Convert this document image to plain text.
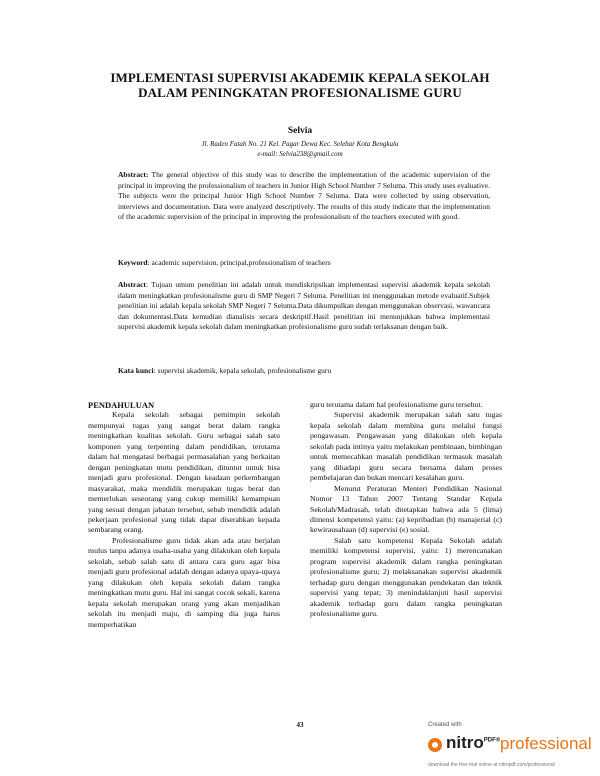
IMPLEMENTASI SUPERVISI AKADEMIK KEPALA SEKOLAH
DALAM PENINGKATAN PROFESIONALISME GURU
Selvia
Jl. Raden Fatah No. 21 Kel. Pagar Dewa Kec. Selebar Kota Bengkulu
e-mail: Selvia238@gmail.com
Abstract: The general objective of this study was to describe the implementation of the academic supervision of the principal in improving the professionalism of teachers in Junior High School Number 7 Seluma. This study uses evaluative. The subjects were the principal Junior High School Number 7 Seluma. Data were collected by using observation, interviews and documentation. Data were analyzed descriptively. The results of this study indicate that the implementation of the academic supervision of the principal in improving the professionalism of the teachers executed with good.
Keyword: academic supervision, principal,professionalism of teachers
Abstract: Tujuan umum penelitian ini adalah untuk mendiskripsikan implementasi supervisi akademik kepala sekolah dalam meningkatkan profesionalisme guru di SMP Negeri 7 Seluma. Penelitian ini menggunakan metode evaluatif.Subjek penelitian ini adalah kepala sekolah SMP Negeri 7 Seluma.Data dikumpulkan dengan menggunakan observasi, wawancara dan dokumentasi.Data kemudian dianalisis secara deskriptif.Hasil penelitian ini menunjukkan bahwa implementasi supervisi akademik kepala sekolah dalam meningkatkan profesionalisme guru sudah terlaksanan dengan baik.
Kata kunci: supervisi akademik, kepala sekolah, profesionalisme guru

PENDAHULUAN

Kepala sekolah sebagai pemimpin sekolah mempunyai tugas yang sangat berat dalam rangka meningkatkan kualitas sekolah. Guru sebagai salah satu komponen yang terpenting dalam pendidikan, terutama dalam hal mengatasi berbagai permasalahan yang berkaitan dengan peningkatan mutu pendidikan, dituntut untuk bisa menjadi guru profesional. Dengan keadaan perkembangan masyarakat, maka mendidik merupakan tugas berat dan memerlukan seseorang yang cukup memiliki kemampuan yang sesuai dengan jabatan tersebut, sebab mendidik adalah pekerjaan profesional yang tidak dapat diserahkan kepada sembarang orang.

Profesionalisme guru tidak akan ada atau berjalan mulus tanpa adanya usaha-usaha yang dilakukan oleh kepala sekolah, sebab salah satu di antara cara guru agar bisa menjadi guru profesional adalah dengan adanya upaya-upaya yang dilakukan oleh kepala sekolah dalam rangka meningkatkan mutu guru. Hal ini sangat cocok sekali, karena kepala sekolah merupakan orang yang akan menjadikan sekolah itu menjadi maju, di samping dia juga harus memperhatikan

guru terutama dalam hal profesionalisme guru tersebut.

Supervisi akademik merupakan salah satu tugas kepala sekolah dalam membina guru melalui fungsi pengawasan. Pengawasan yang dilakukan oleh kepala sekolah pada intinya yaitu melakukan pembinaan, bimbingan untuk memecahkan masalah pendidikan termasuk masalah yang dihadapi guru secara bersama dalam proses pembelajaran dan bukan mencari kesalahan guru.

Menurut Peraturan Menteri Pendidikan Nasional Nomor 13 Tahun 2007 Tentang Standar Kepala Sekolah/Madrasah, telah ditetapkan bahwa ada 5 (lima) dimensi kompetensi yaitu: (a) kepribadian (b) manajerial (c) kewirausahaan (d) supervisi (e) sosial.

Salah satu kompetensi Kepala Sekolah adalah memiliki kompetensi supervisi, yaitu: 1) merencanakan program supervisi akademik dalam rangka peningkatan profesionalisme guru; 2) melaksanakan supervisi akademik terhadap guru dengan menggunakan pendekatan dan teknik supervisi yang tepat; 3) menindaklanjuti hasil supervisi akademik terhadap guru dalam rangka peningkatan profesionalisme guru.

43	Created with
nitro$^{PDF®}$ professional
download the free trial online at nitropdf.com/professional
